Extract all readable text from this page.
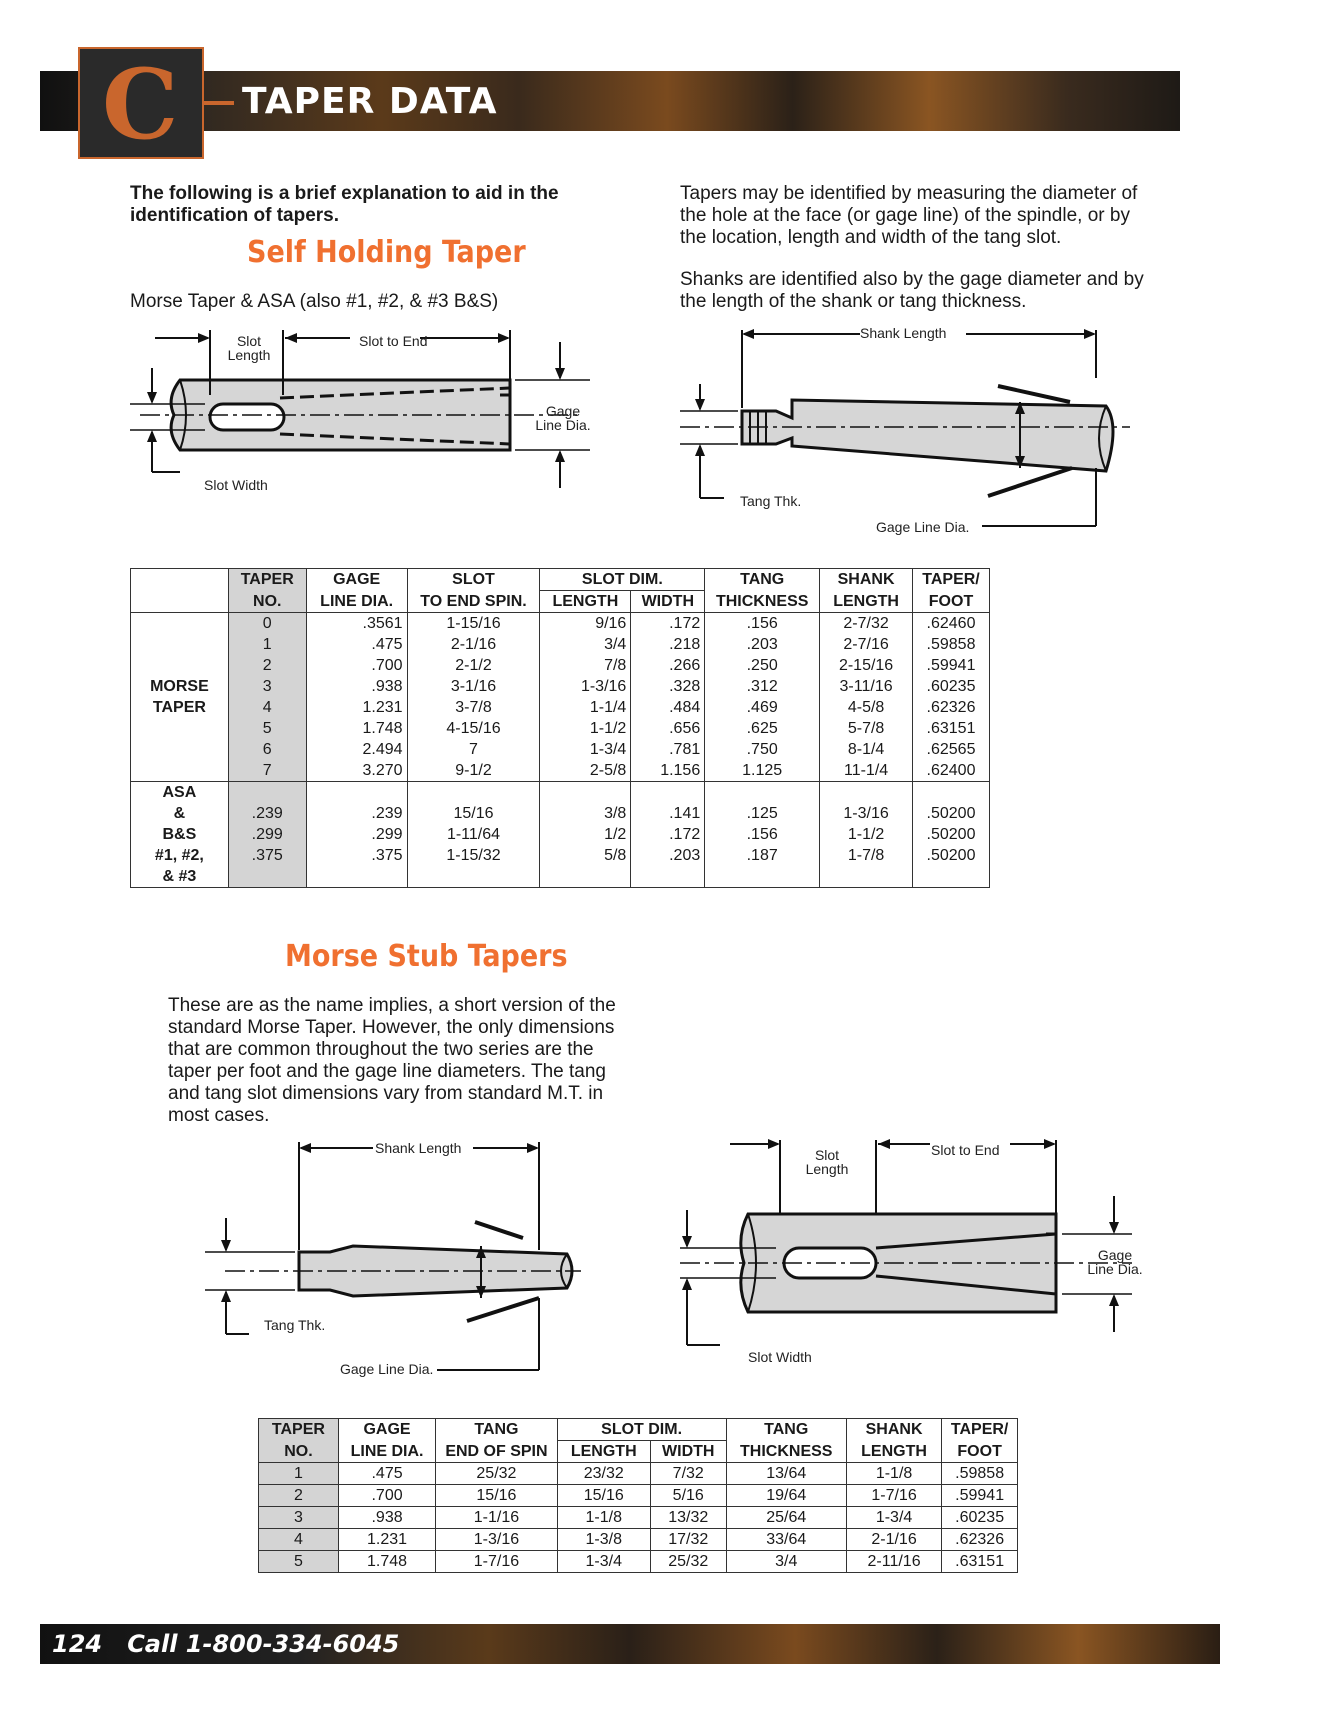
C TAPER DATA
The following is a brief explanation to aid in the identification of tapers.
Tapers may be identified by measuring the diameter of the hole at the face (or gage line) of the spindle, or by the location, length and width of the tang slot.
Shanks are identified also by the gage diameter and by the length of the shank or tang thickness.
Self Holding Taper
Morse Taper & ASA (also #1, #2, & #3 B&S)
Slot
Length
Slot to End
Gage
Line Dia.
Slot Width
Shank Length
Tang Thk.
Gage Line Dia.
	TAPER	GAGE	SLOT	SLOT DIM.		TANG	SHANK	TAPER/
	NO.	LINE DIA.	TO END SPIN.	LENGTH	WIDTH	THICKNESS	LENGTH	FOOT
MORSE
TAPER	0	.3561	1-15/16	9/16	.172	.156	2-7/32	.62460
	1	.475	2-1/16	3/4	.218	.203	2-7/16	.59858
	2	.700	2-1/2	7/8	.266	.250	2-15/16	.59941
	3	.938	3-1/16	1-3/16	.328	.312	3-11/16	.60235
	4	1.231	3-7/8	1-1/4	.484	.469	4-5/8	.62326
	5	1.748	4-15/16	1-1/2	.656	.625	5-7/8	.63151
	6	2.494	7	1-3/4	.781	.750	8-1/4	.62565
	7	3.270	9-1/2	2-5/8	1.156	1.125	11-1/4	.62400
ASA
&
B&S
#1, #2,
& #3								
	.239	.239	15/16	3/8	.141	.125	1-3/16	.50200
	.299	.299	1-11/64	1/2	.172	.156	1-1/2	.50200
	.375	.375	1-15/32	5/8	.203	.187	1-7/8	.50200

Morse Stub Tapers
These are as the name implies, a short version of the standard Morse Taper. However, the only dimensions that are common throughout the two series are the taper per foot and the gage line diameters. The tang and tang slot dimensions vary from standard M.T. in most cases.
Shank Length
Tang Thk.
Gage Line Dia.
Slot
Length
Slot to End
Gage
Line Dia.
Slot Width
TAPER	GAGE	TANG	SLOT DIM.		TANG	SHANK	TAPER/
NO.	LINE DIA.	END OF SPIN	LENGTH	WIDTH	THICKNESS	LENGTH	FOOT
1	.475	25/32	23/32	7/32	13/64	1-1/8	.59858
2	.700	15/16	15/16	5/16	19/64	1-7/16	.59941
3	.938	1-1/16	1-1/8	13/32	25/64	1-3/4	.60235
4	1.231	1-3/16	1-3/8	17/32	33/64	2-1/16	.62326
5	1.748	1-7/16	1-3/4	25/32	3/4	2-11/16	.63151
124 Call 1-800-334-6045
